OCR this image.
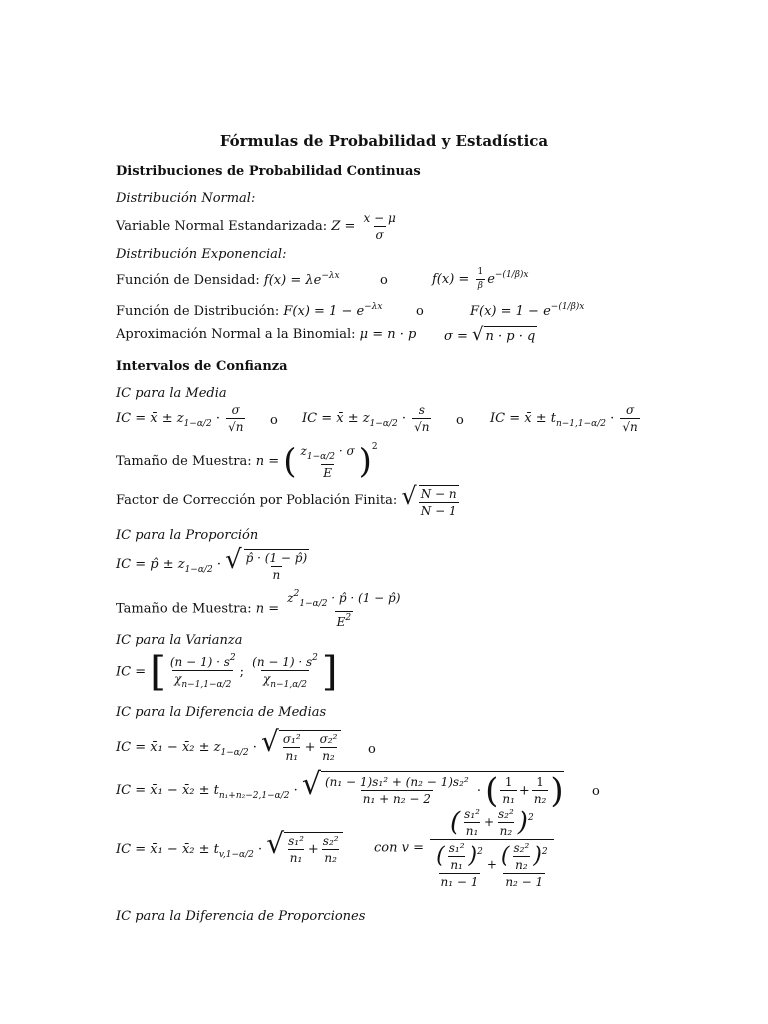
Fórmulas de Probabilidad y Estadística
Distribuciones de Probabilidad Continuas
Distribución Normal:
Variable Normal Estandarizada: $Z = \frac{x - \mu}{\sigma}$
Distribución Exponencial:
Función de Densidad: $f(x) = \lambda e^{-\lambda x}$	o	$f(x) = \frac{1}{\beta} e^{-(1/\beta)x}$
Función de Distribución: $F(x) = 1 - e^{-\lambda x}$	o	$F(x) = 1 - e^{-(1/\beta)x}$
Aproximación Normal a la Binomial: μ = n · p σ = √ n · p · q
Intervalos de Confianza
IC para la Media
IC = x̄ ± $z_{1-\alpha/2} \cdot \frac{\sigma}{√n}$ o IC = x̄ ± $z_{1-\alpha/2} \cdot \frac{s}{√n}$ o IC = x̄ ± $t_{n-1,1-\alpha/2} \cdot \frac{\sigma}{√n}$
Tamaño de Muestra: n = ( $\frac{z_{1-\alpha/2} \cdot \sigma}{E} )^2$
Factor de Corrección por Población Finita: √ $\frac{N - n}{N - 1}$
IC para la Proporción
IC = p̂ ± $z_{1-\alpha/2}$ · √ $\frac{p̂ \cdot (1 - p̂)}{n}$
Tamaño de Muestra: $n = \frac{z^2_{1-\alpha/2} \cdot p̂ \cdot (1 - p̂)}{E^2}$
IC para la Varianza
IC = [ $\frac{(n - 1) \cdot s^2}{\chi_{n-1,1-\alpha/2}}$ ; $\frac{(n - 1) \cdot s^2}{\chi_{n-1,\alpha/2}}$ ]
IC para la Diferencia de Medias
IC = x̄₁ − x̄₂ ± $z_{1-\alpha/2}$ · √ $\frac{\text{σ₁²}}{\text{n₁}} + \frac{\text{σ₂²}}{\text{n₂}}$ o
IC = x̄₁ − x̄₂ ± $t_{n_1+n_2-2,1-\alpha/2}$ · √ $\frac{\text{(n₁ − 1)s₁² + (n₂ − 1)s₂²}}{\text{n₁ + n₂ − 2}}$ · ( $\frac{1}{\text{n₁}} + \frac{1}{\text{n₂}}$ ) o
IC = x̄₁ − x̄₂ ± $t_{v,1-\alpha/2}$ · √ $\frac{\text{s₁²}}{\text{n₁}} + \frac{\text{s₂²}}{\text{n₂}}$	con $v = \frac{( \frac{\text{s₁²}}{\text{n₁}} + \frac{\text{s₂²}}{\text{n₂}} )^2}{\frac{( \frac{\text{s₁²}}{\text{n₁}} )^2}{\text{n₁ − 1}} + \frac{( \frac{\text{s₂²}}{\text{n₂}} )^2}{\text{n₂ − 1}}}$
IC para la Diferencia de Proporciones
